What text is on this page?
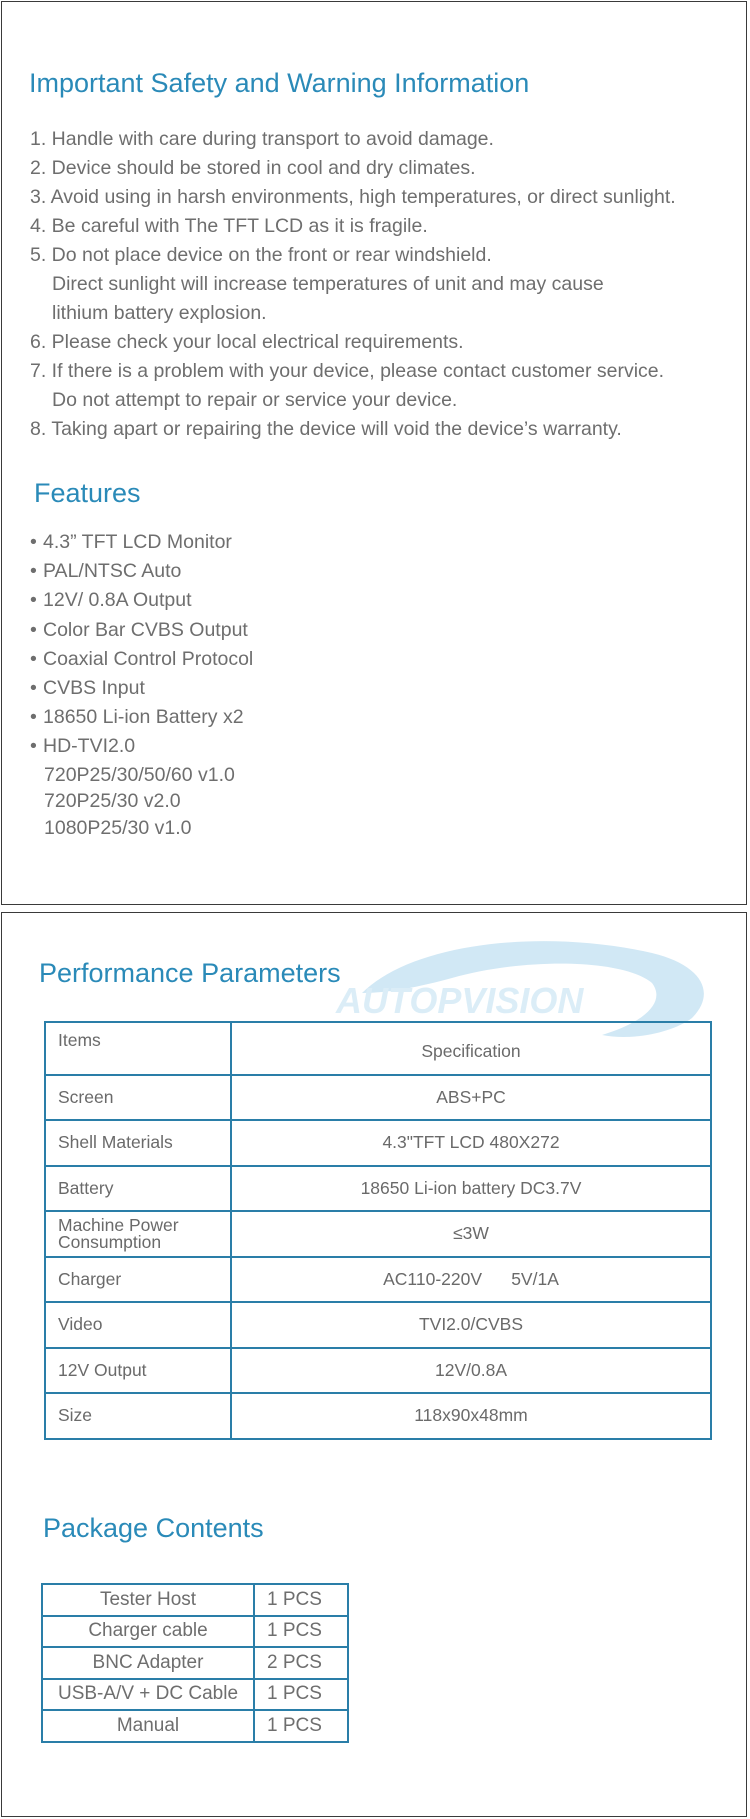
Important Safety and Warning Information
1. Handle with care during transport to avoid damage.
2. Device should be stored in cool and dry climates.
3. Avoid using in harsh environments, high temperatures, or direct sunlight.
4. Be careful with The TFT LCD as it is fragile.
5. Do not place device on the front or rear windshield.
Direct sunlight will increase temperatures of unit and may cause
lithium battery explosion.
6. Please check your local electrical requirements.
7. If there is a problem with your device, please contact customer service.
Do not attempt to repair or service your device.
8. Taking apart or repairing the device will void the device’s warranty.
Features
• 4.3” TFT LCD Monitor
• PAL/NTSC Auto
• 12V/ 0.8A Output
• Color Bar CVBS Output
• Coaxial Control Protocol
• CVBS Input
• 18650 Li-ion Battery x2
• HD-TVI2.0
720P25/30/50/60 v1.0
720P25/30 v2.0
1080P25/30 v1.0
AUTOPVISION
Performance Parameters
Items	Specification
Screen	ABS+PC
Shell Materials	4.3"TFT LCD 480X272
Battery	18650 Li-ion battery DC3.7V
Machine Power Consumption	≤3W
Charger	AC110-220V      5V/1A
Video	TVI2.0/CVBS
12V Output	12V/0.8A
Size	118x90x48mm
Package Contents
Tester Host	1 PCS
Charger cable	1 PCS
BNC Adapter	2 PCS
USB-A/V + DC Cable	1 PCS
Manual	1 PCS
